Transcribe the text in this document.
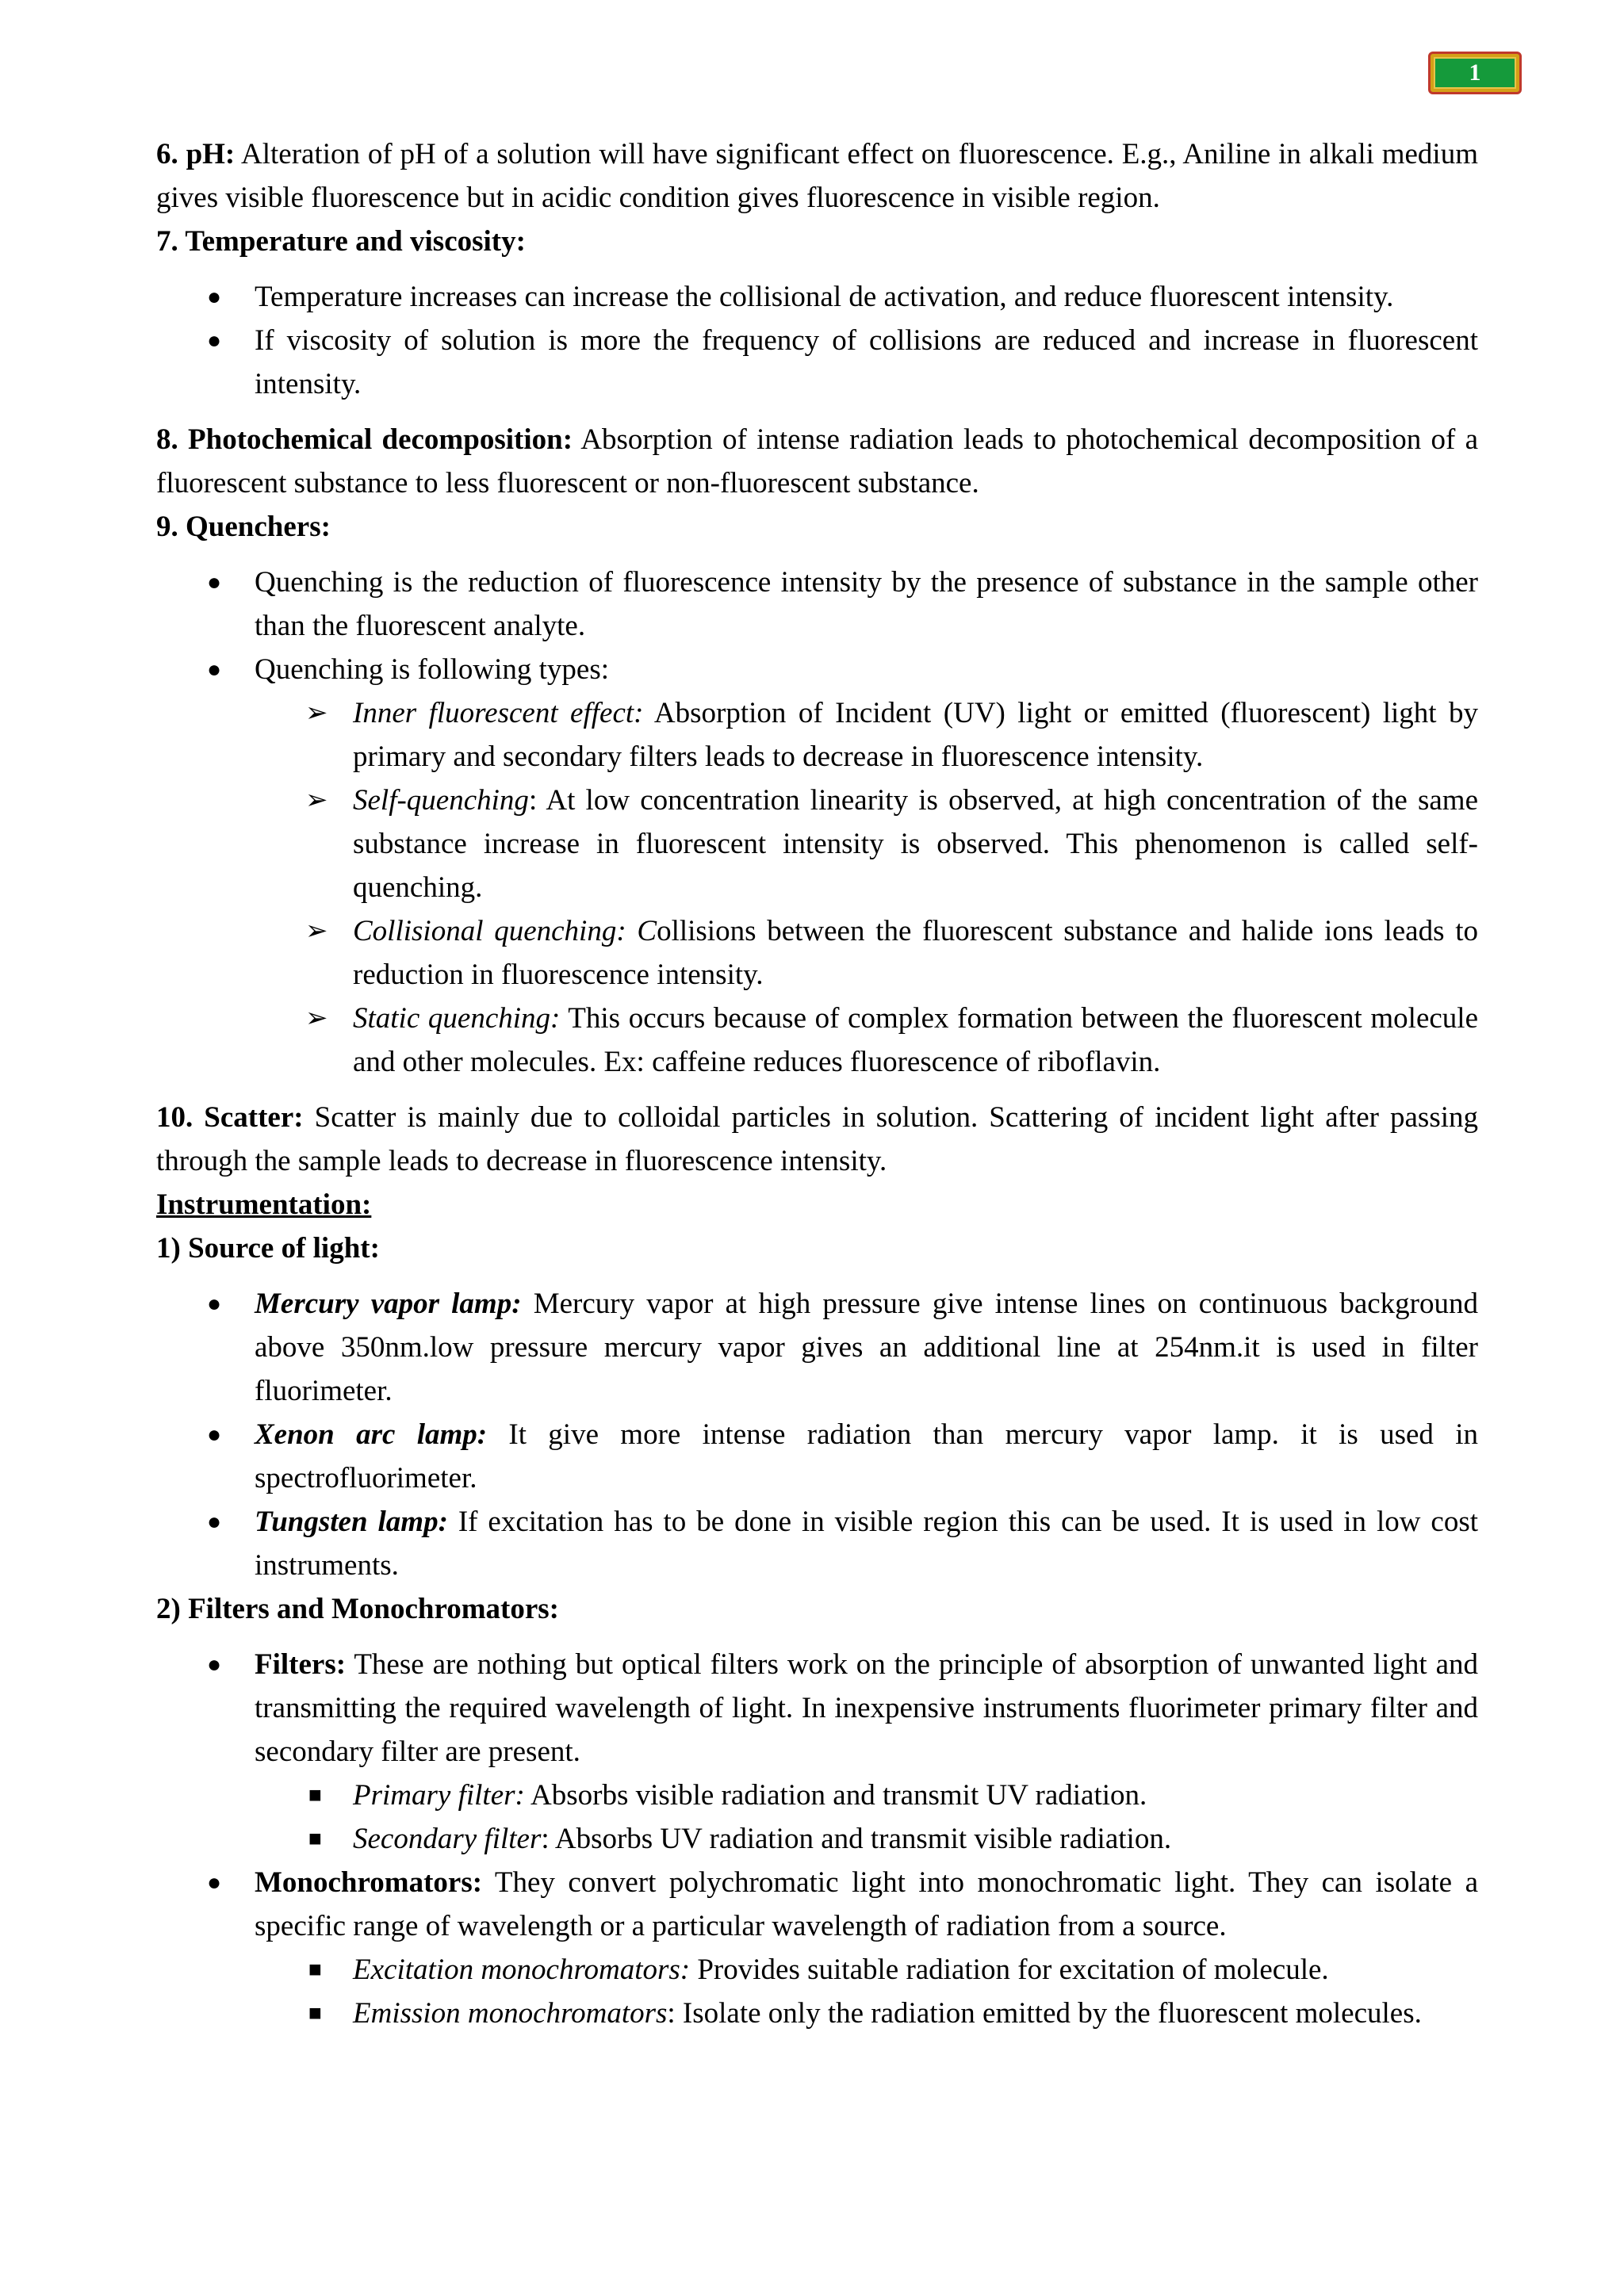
1

6. pH: Alteration of pH of a solution will have significant effect on fluorescence. E.g., Aniline in alkali medium gives visible fluorescence but in acidic condition gives fluorescence in visible region.

7. Temperature and viscosity:

● Temperature increases can increase the collisional de activation, and reduce fluorescent intensity.
● If viscosity of solution is more the frequency of collisions are reduced and increase in fluorescent intensity.

8. Photochemical decomposition: Absorption of intense radiation leads to photochemical decomposition of a fluorescent substance to less fluorescent or non-fluorescent substance.

9. Quenchers:

● Quenching is the reduction of fluorescence intensity by the presence of substance in the sample other than the fluorescent analyte.
● Quenching is following types:
➢ Inner fluorescent effect: Absorption of Incident (UV) light or emitted (fluorescent) light by primary and secondary filters leads to decrease in fluorescence intensity.
➢ Self-quenching: At low concentration linearity is observed, at high concentration of the same substance increase in fluorescent intensity is observed. This phenomenon is called self-quenching.
➢ Collisional quenching: Collisions between the fluorescent substance and halide ions leads to reduction in fluorescence intensity.
➢ Static quenching: This occurs because of complex formation between the fluorescent molecule and other molecules. Ex: caffeine reduces fluorescence of riboflavin.

10. Scatter: Scatter is mainly due to colloidal particles in solution. Scattering of incident light after passing through the sample leads to decrease in fluorescence intensity.

Instrumentation:

1) Source of light:

● Mercury vapor lamp: Mercury vapor at high pressure give intense lines on continuous background above 350nm.low pressure mercury vapor gives an additional line at 254nm.it is used in filter fluorimeter.
● Xenon arc lamp: It give more intense radiation than mercury vapor lamp. it is used in spectrofluorimeter.
● Tungsten lamp: If excitation has to be done in visible region this can be used. It is used in low cost instruments.

2) Filters and Monochromators:

● Filters: These are nothing but optical filters work on the principle of absorption of unwanted light and transmitting the required wavelength of light. In inexpensive instruments fluorimeter primary filter and secondary filter are present.
■ Primary filter: Absorbs visible radiation and transmit UV radiation.
■ Secondary filter: Absorbs UV radiation and transmit visible radiation.
● Monochromators: They convert polychromatic light into monochromatic light. They can isolate a specific range of wavelength or a particular wavelength of radiation from a source.
■ Excitation monochromators: Provides suitable radiation for excitation of molecule.
■ Emission monochromators: Isolate only the radiation emitted by the fluorescent molecules.
